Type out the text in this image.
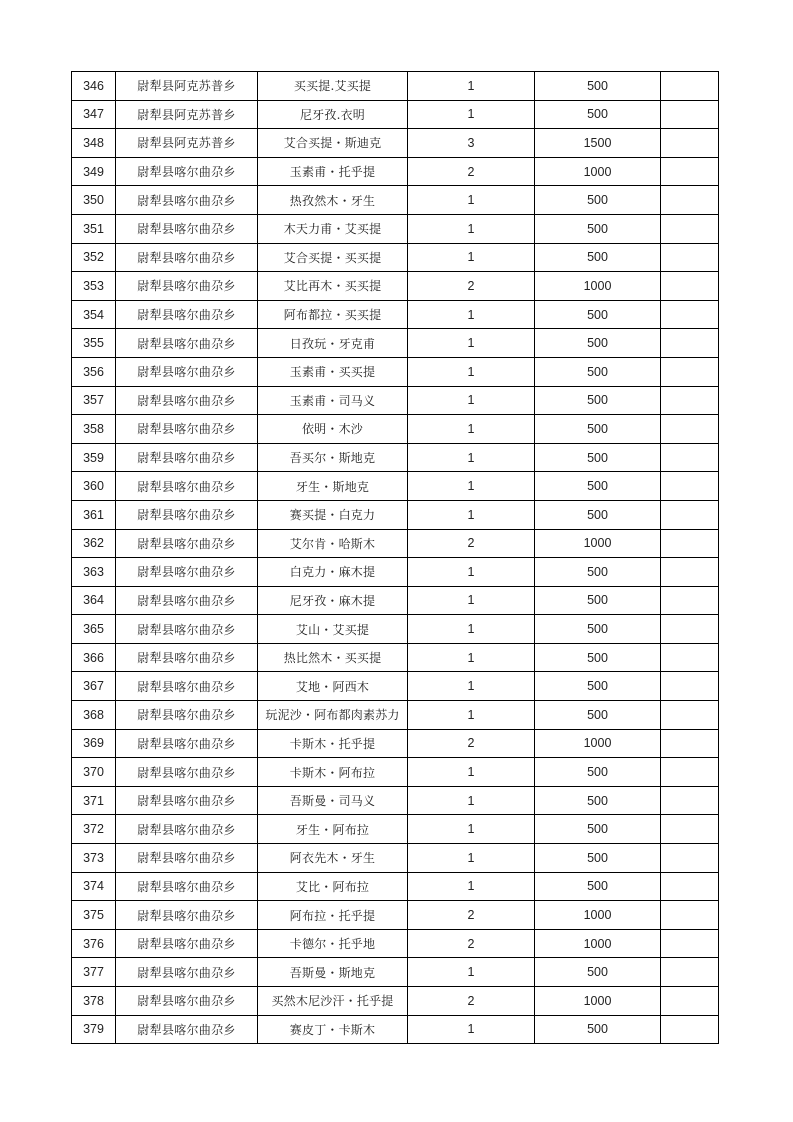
346	尉犁县阿克苏普乡	买买提.艾买提	1	500	
347	尉犁县阿克苏普乡	尼牙孜.衣明	1	500	
348	尉犁县阿克苏普乡	艾合买提・斯迪克	3	1500	
349	尉犁县喀尔曲尕乡	玉素甫・托乎提	2	1000	
350	尉犁县喀尔曲尕乡	热孜然木・牙生	1	500	
351	尉犁县喀尔曲尕乡	木天力甫・艾买提	1	500	
352	尉犁县喀尔曲尕乡	艾合买提・买买提	1	500	
353	尉犁县喀尔曲尕乡	艾比再木・买买提	2	1000	
354	尉犁县喀尔曲尕乡	阿布都拉・买买提	1	500	
355	尉犁县喀尔曲尕乡	日孜玩・牙克甫	1	500	
356	尉犁县喀尔曲尕乡	玉素甫・买买提	1	500	
357	尉犁县喀尔曲尕乡	玉素甫・司马义	1	500	
358	尉犁县喀尔曲尕乡	依明・木沙	1	500	
359	尉犁县喀尔曲尕乡	吾买尔・斯地克	1	500	
360	尉犁县喀尔曲尕乡	牙生・斯地克	1	500	
361	尉犁县喀尔曲尕乡	赛买提・白克力	1	500	
362	尉犁县喀尔曲尕乡	艾尔肯・哈斯木	2	1000	
363	尉犁县喀尔曲尕乡	白克力・麻木提	1	500	
364	尉犁县喀尔曲尕乡	尼牙孜・麻木提	1	500	
365	尉犁县喀尔曲尕乡	艾山・艾买提	1	500	
366	尉犁县喀尔曲尕乡	热比然木・买买提	1	500	
367	尉犁县喀尔曲尕乡	艾地・阿西木	1	500	
368	尉犁县喀尔曲尕乡	玩泥沙・阿布都肉素苏力	1	500	
369	尉犁县喀尔曲尕乡	卡斯木・托乎提	2	1000	
370	尉犁县喀尔曲尕乡	卡斯木・阿布拉	1	500	
371	尉犁县喀尔曲尕乡	吾斯曼・司马义	1	500	
372	尉犁县喀尔曲尕乡	牙生・阿布拉	1	500	
373	尉犁县喀尔曲尕乡	阿衣先木・牙生	1	500	
374	尉犁县喀尔曲尕乡	艾比・阿布拉	1	500	
375	尉犁县喀尔曲尕乡	阿布拉・托乎提	2	1000	
376	尉犁县喀尔曲尕乡	卡德尔・托乎地	2	1000	
377	尉犁县喀尔曲尕乡	吾斯曼・斯地克	1	500	
378	尉犁县喀尔曲尕乡	买然木尼沙汗・托乎提	2	1000	
379	尉犁县喀尔曲尕乡	赛皮丁・卡斯木	1	500	
